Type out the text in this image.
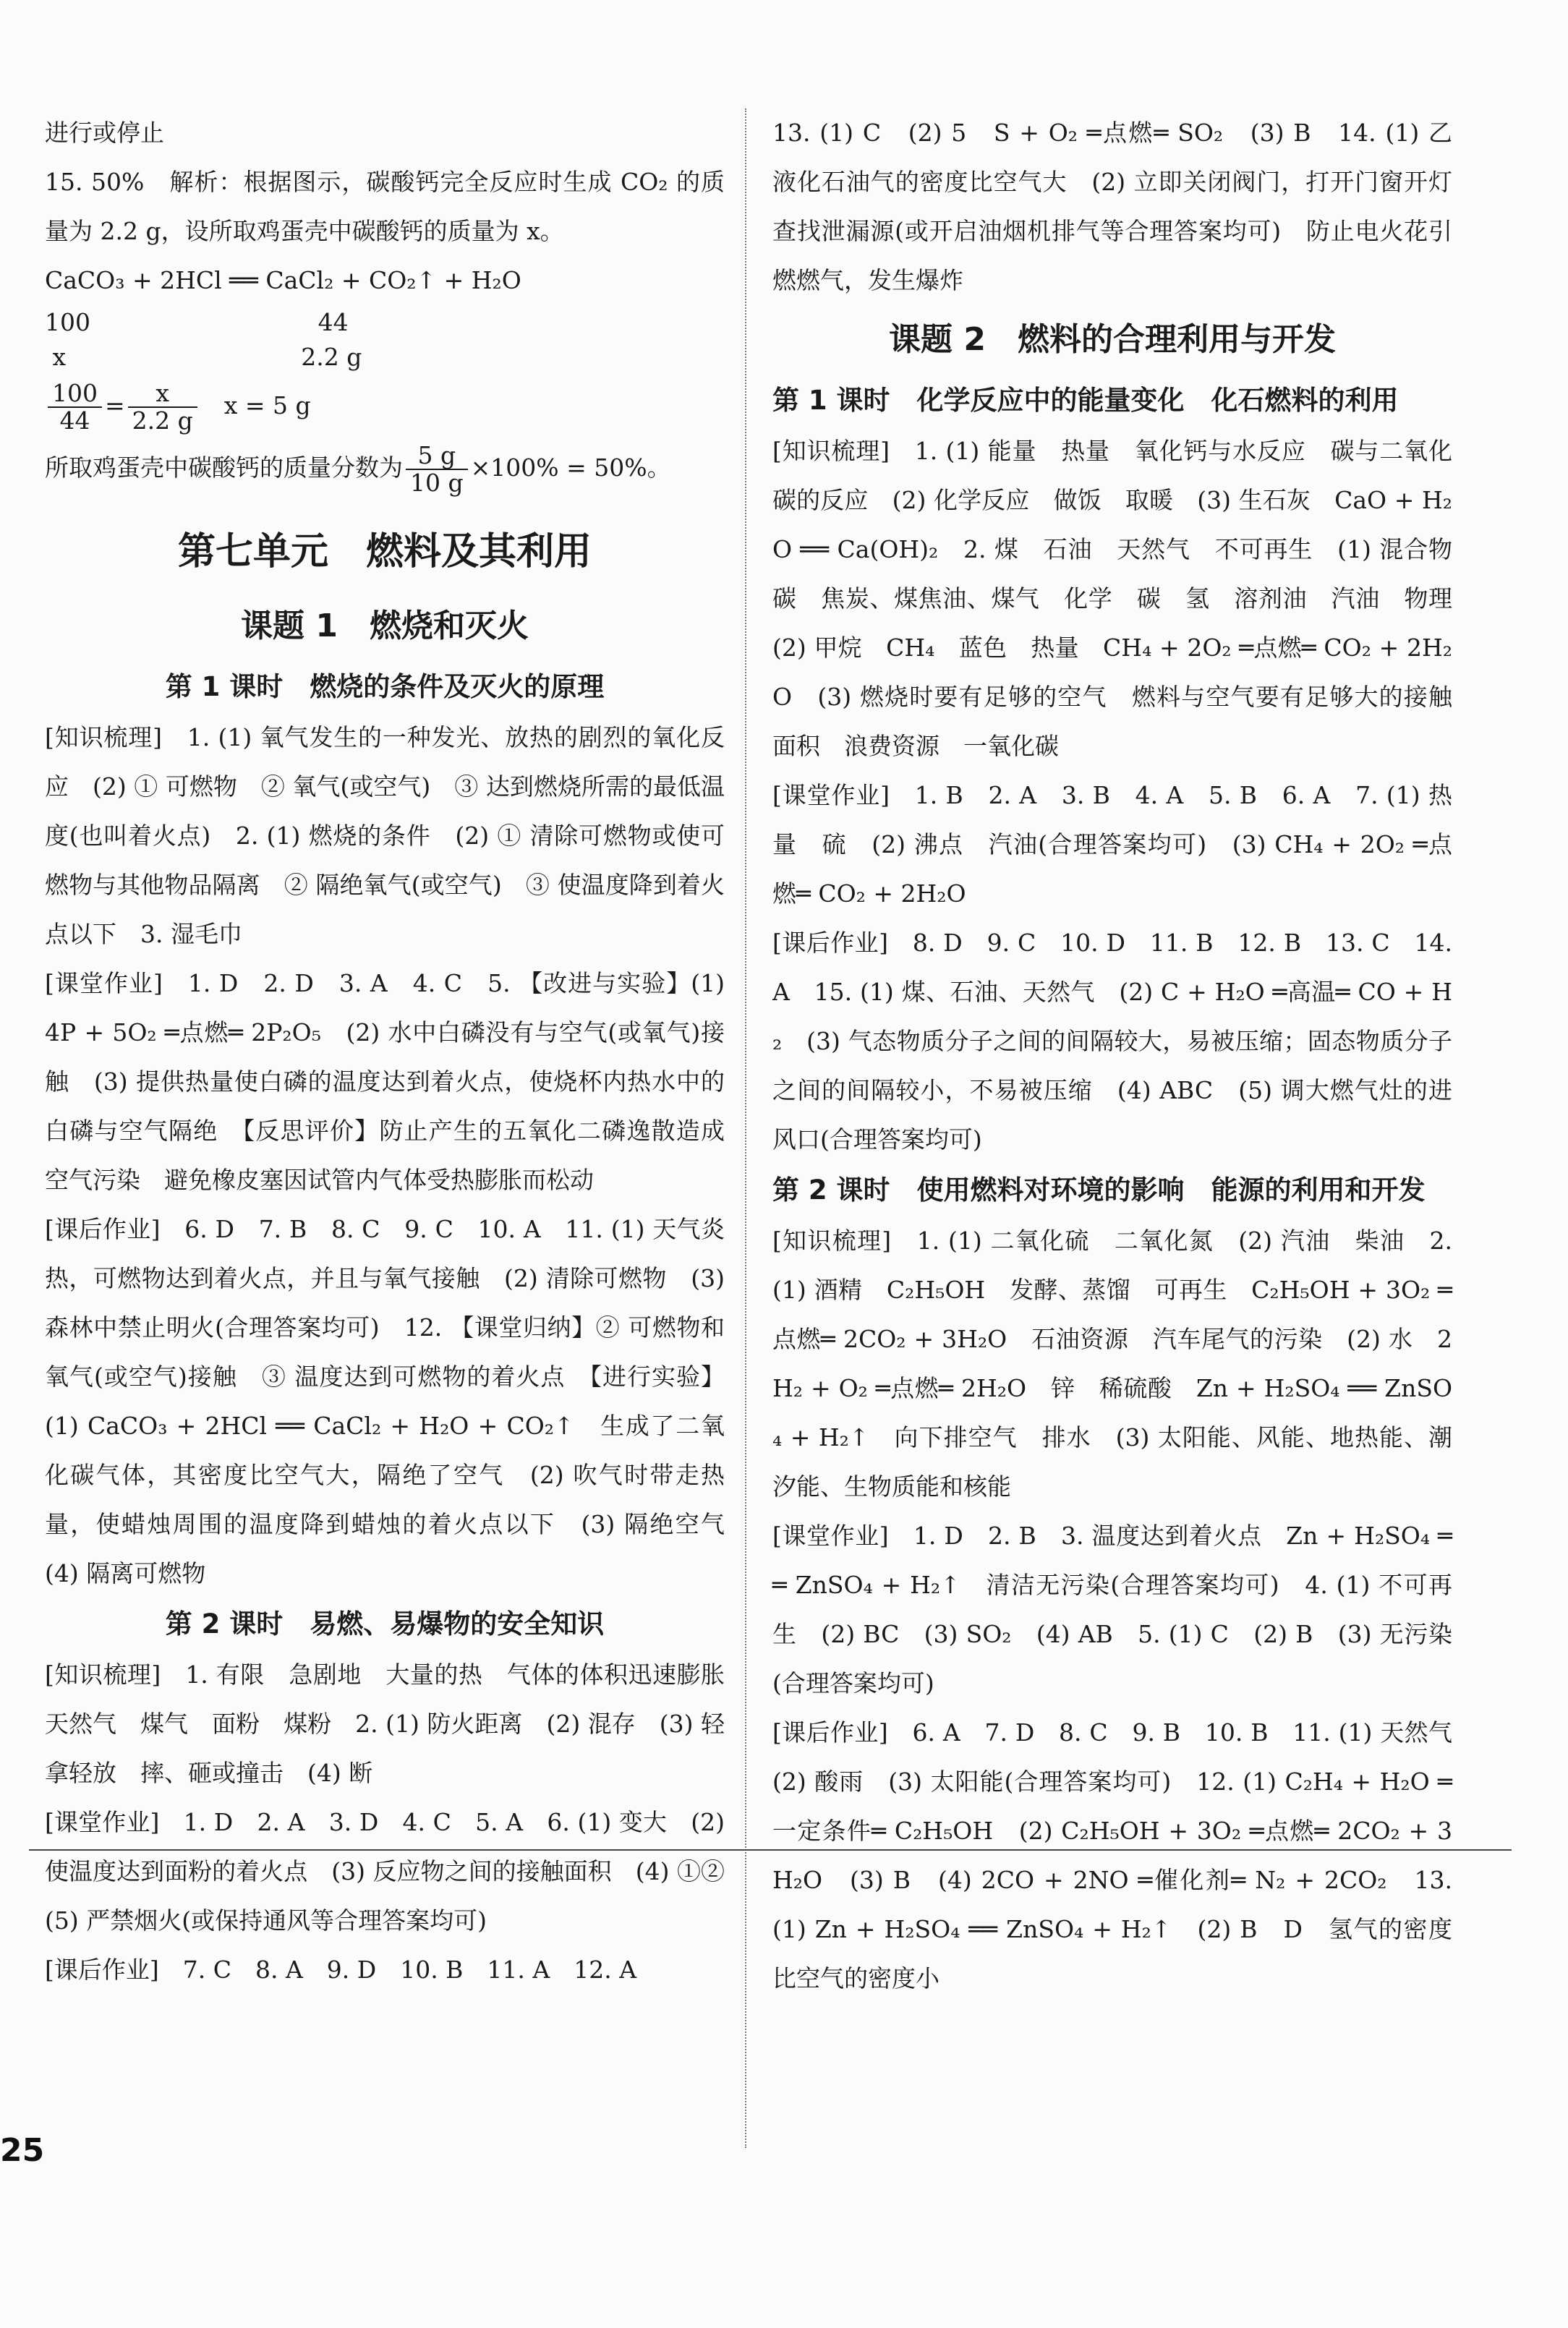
进行或停止

15. 50%　解析：根据图示，碳酸钙完全反应时生成 CO₂ 的质量为 2.2 g，设所取鸡蛋壳中碳酸钙的质量为 x。

CaCO₃ + 2HCl ══ CaCl₂ + CO₂↑ + H₂O

100                              44

x                               2.2 g

$\frac{100}{44} = \frac{x}{2.2 g}$
　 x = 5 g

所取鸡蛋壳中碳酸钙的质量分数为 $\frac{5 g}{10 g} \times 100\% = 50\%$。

第七单元　燃料及其利用
课题 1　燃烧和灭火
第 1 课时　燃烧的条件及灭火的原理

[知识梳理]　1. (1) 氧气发生的一种发光、放热的剧烈的氧化反应　(2) ① 可燃物　② 氧气(或空气)　③ 达到燃烧所需的最低温度(也叫着火点)　2. (1) 燃烧的条件　(2) ① 清除可燃物或使可燃物与其他物品隔离　② 隔绝氧气(或空气)　③ 使温度降到着火点以下　3. 湿毛巾

[课堂作业]　1. D　2. D　3. A　4. C　5. 【改进与实验】(1) 4P + 5O₂ ═点燃═ 2P₂O₅　(2) 水中白磷没有与空气(或氧气)接触　(3) 提供热量使白磷的温度达到着火点，使烧杯内热水中的白磷与空气隔绝　【反思评价】防止产生的五氧化二磷逸散造成空气污染　避免橡皮塞因试管内气体受热膨胀而松动

[课后作业]　6. D　7. B　8. C　9. C　10. A　11. (1) 天气炎热，可燃物达到着火点，并且与氧气接触　(2) 清除可燃物　(3) 森林中禁止明火(合理答案均可)　12. 【课堂归纳】② 可燃物和氧气(或空气)接触　③ 温度达到可燃物的着火点　【进行实验】(1) CaCO₃ + 2HCl ══ CaCl₂ + H₂O + CO₂↑　生成了二氧化碳气体，其密度比空气大，隔绝了空气　(2) 吹气时带走热量，使蜡烛周围的温度降到蜡烛的着火点以下　(3) 隔绝空气　(4) 隔离可燃物

第 2 课时　易燃、易爆物的安全知识

[知识梳理]　1. 有限　急剧地　大量的热　气体的体积迅速膨胀　天然气　煤气　面粉　煤粉　2. (1) 防火距离　(2) 混存　(3) 轻拿轻放　摔、砸或撞击　(4) 断

[课堂作业]　1. D　2. A　3. D　4. C　5. A　6. (1) 变大　(2) 使温度达到面粉的着火点　(3) 反应物之间的接触面积　(4) ①②　(5) 严禁烟火(或保持通风等合理答案均可)

[课后作业]　7. C　8. A　9. D　10. B　11. A　12. A

13. (1) C　(2) 5　S + O₂ ═点燃═ SO₂　(3) B　14. (1) 乙　液化石油气的密度比空气大　(2) 立即关闭阀门，打开门窗开灯查找泄漏源(或开启油烟机排气等合理答案均可)　防止电火花引燃燃气，发生爆炸

课题 2　燃料的合理利用与开发
第 1 课时　化学反应中的能量变化　化石燃料的利用

[知识梳理]　1. (1) 能量　热量　氧化钙与水反应　碳与二氧化碳的反应　(2) 化学反应　做饭　取暖　(3) 生石灰　CaO + H₂O ══ Ca(OH)₂　2. 煤　石油　天然气　不可再生　(1) 混合物　碳　焦炭、煤焦油、煤气　化学　碳　氢　溶剂油　汽油　物理　(2) 甲烷　CH₄　蓝色　热量　CH₄ + 2O₂ ═点燃═ CO₂ + 2H₂O　(3) 燃烧时要有足够的空气　燃料与空气要有足够大的接触面积　浪费资源　一氧化碳

[课堂作业]　1. B　2. A　3. B　4. A　5. B　6. A　7. (1) 热量　硫　(2) 沸点　汽油(合理答案均可)　(3) CH₄ + 2O₂ ═点燃═ CO₂ + 2H₂O

[课后作业]　8. D　9. C　10. D　11. B　12. B　13. C　14. A　15. (1) 煤、石油、天然气　(2) C + H₂O ═高温═ CO + H₂　(3) 气态物质分子之间的间隔较大，易被压缩；固态物质分子之间的间隔较小，不易被压缩　(4) ABC　(5) 调大燃气灶的进风口(合理答案均可)

第 2 课时　使用燃料对环境的影响　能源的利用和开发

[知识梳理]　1. (1) 二氧化硫　二氧化氮　(2) 汽油　柴油　2. (1) 酒精　C₂H₅OH　发酵、蒸馏　可再生　C₂H₅OH + 3O₂ ═点燃═ 2CO₂ + 3H₂O　石油资源　汽车尾气的污染　(2) 水　2H₂ + O₂ ═点燃═ 2H₂O　锌　稀硫酸　Zn + H₂SO₄ ══ ZnSO₄ + H₂↑　向下排空气　排水　(3) 太阳能、风能、地热能、潮汐能、生物质能和核能

[课堂作业]　1. D　2. B　3. 温度达到着火点　Zn + H₂SO₄ ══ ZnSO₄ + H₂↑　清洁无污染(合理答案均可)　4. (1) 不可再生　(2) BC　(3) SO₂　(4) AB　5. (1) C　(2) B　(3) 无污染(合理答案均可)

[课后作业]　6. A　7. D　8. C　9. B　10. B　11. (1) 天然气　(2) 酸雨　(3) 太阳能(合理答案均可)　12. (1) C₂H₄ + H₂O ═一定条件═ C₂H₅OH　(2) C₂H₅OH + 3O₂ ═点燃═ 2CO₂ + 3H₂O　(3) B　(4) 2CO + 2NO ═催化剂═ N₂ + 2CO₂　13. (1) Zn + H₂SO₄ ══ ZnSO₄ + H₂↑　(2) B　D　氢气的密度比空气的密度小

25
